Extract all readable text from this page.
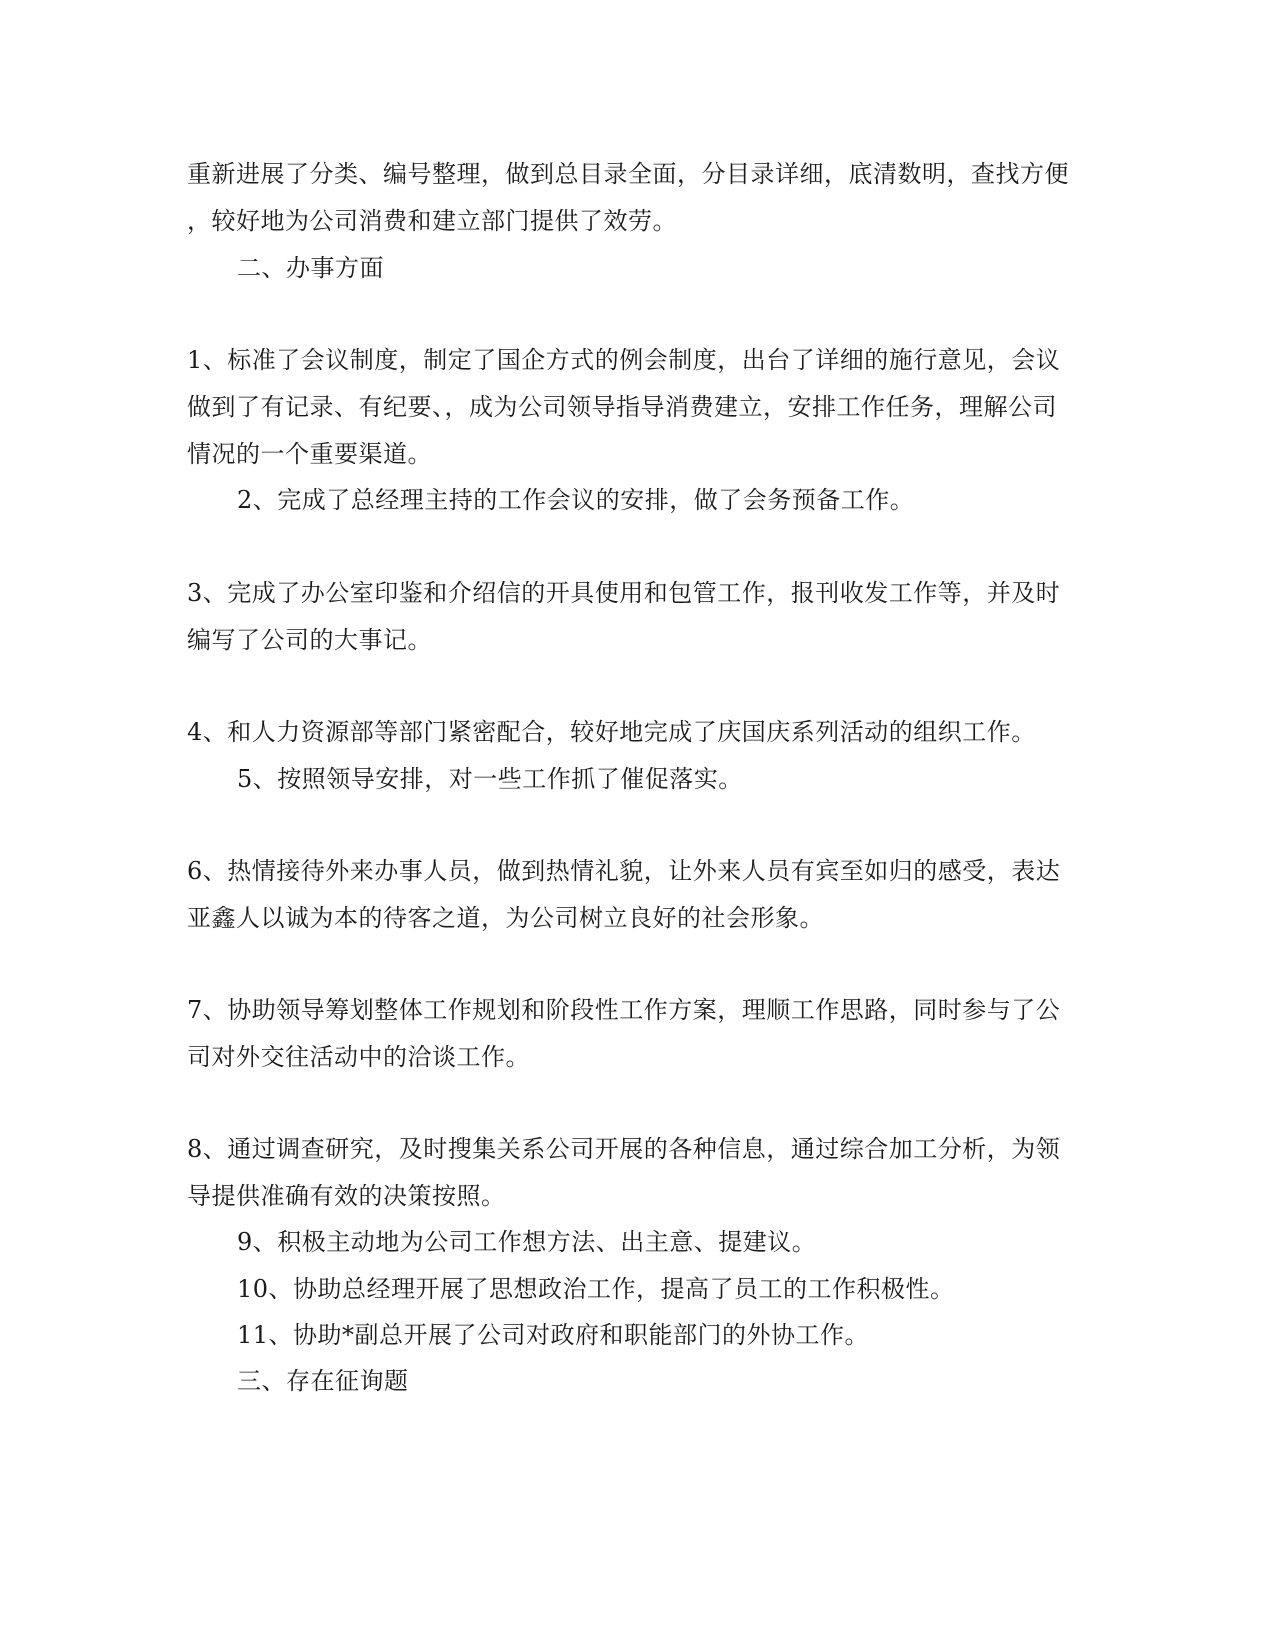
重新进展了分类、编号整理，做到总目录全面，分目录详细，底清数明，查找方便
，较好地为公司消费和建立部门提供了效劳。
二、办事方面
1、标准了会议制度，制定了国企方式的例会制度，出台了详细的施行意见，会议
做到了有记录、有纪要、，成为公司领导指导消费建立，安排工作任务，理解公司
情况的一个重要渠道。
2、完成了总经理主持的工作会议的安排，做了会务预备工作。
3、完成了办公室印鉴和介绍信的开具使用和包管工作，报刊收发工作等，并及时
编写了公司的大事记。
4、和人力资源部等部门紧密配合，较好地完成了庆国庆系列活动的组织工作。
5、按照领导安排，对一些工作抓了催促落实。
6、热情接待外来办事人员，做到热情礼貌，让外来人员有宾至如归的感受，表达
亚鑫人以诚为本的待客之道，为公司树立良好的社会形象。
7、协助领导筹划整体工作规划和阶段性工作方案，理顺工作思路，同时参与了公
司对外交往活动中的洽谈工作。
8、通过调查研究，及时搜集关系公司开展的各种信息，通过综合加工分析，为领
导提供准确有效的决策按照。
9、积极主动地为公司工作想方法、出主意、提建议。
10、协助总经理开展了思想政治工作，提高了员工的工作积极性。
11、协助*副总开展了公司对政府和职能部门的外协工作。
三、存在征询题
